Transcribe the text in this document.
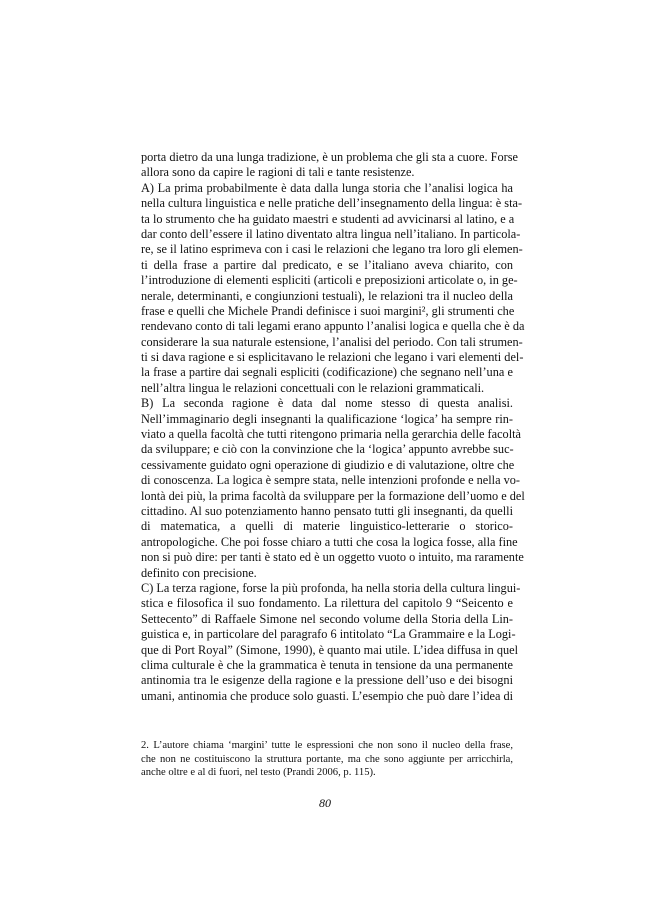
porta dietro da una lunga tradizione, è un problema che gli sta a cuore. Forse
allora sono da capire le ragioni di tali e tante resistenze.
A) La prima probabilmente è data dalla lunga storia che l’analisi logica ha
nella cultura linguistica e nelle pratiche dell’insegnamento della lingua: è sta-
ta lo strumento che ha guidato maestri e studenti ad avvicinarsi al latino, e a
dar conto dell’essere il latino diventato altra lingua nell’italiano. In particola-
re, se il latino esprimeva con i casi le relazioni che legano tra loro gli elemen-
ti della frase a partire dal predicato, e se l’italiano aveva chiarito, con
l’introduzione di elementi espliciti (articoli e preposizioni articolate o, in ge-
nerale, determinanti, e congiunzioni testuali), le relazioni tra il nucleo della
frase e quelli che Michele Prandi definisce i suoi margini², gli strumenti che
rendevano conto di tali legami erano appunto l’analisi logica e quella che è da
considerare la sua naturale estensione, l’analisi del periodo. Con tali strumen-
ti si dava ragione e si esplicitavano le relazioni che legano i vari elementi del-
la frase a partire dai segnali espliciti (codificazione) che segnano nell’una e
nell’altra lingua le relazioni concettuali con le relazioni grammaticali.
B) La seconda ragione è data dal nome stesso di questa analisi.
Nell’immaginario degli insegnanti la qualificazione ‘logica’ ha sempre rin-
viato a quella facoltà che tutti ritengono primaria nella gerarchia delle facoltà
da sviluppare; e ciò con la convinzione che la ‘logica’ appunto avrebbe suc-
cessivamente guidato ogni operazione di giudizio e di valutazione, oltre che
di conoscenza. La logica è sempre stata, nelle intenzioni profonde e nella vo-
lontà dei più, la prima facoltà da sviluppare per la formazione dell’uomo e del
cittadino. Al suo potenziamento hanno pensato tutti gli insegnanti, da quelli
di matematica, a quelli di materie linguistico-letterarie o storico-
antropologiche. Che poi fosse chiaro a tutti che cosa la logica fosse, alla fine
non si può dire: per tanti è stato ed è un oggetto vuoto o intuito, ma raramente
definito con precisione.
C) La terza ragione, forse la più profonda, ha nella storia della cultura lingui-
stica e filosofica il suo fondamento. La rilettura del capitolo 9 “Seicento e
Settecento” di Raffaele Simone nel secondo volume della Storia della Lin-
guistica e, in particolare del paragrafo 6 intitolato “La Grammaire e la Logi-
que di Port Royal” (Simone, 1990), è quanto mai utile. L’idea diffusa in quel
clima culturale è che la grammatica è tenuta in tensione da una permanente
antinomia tra le esigenze della ragione e la pressione dell’uso e dei bisogni
umani, antinomia che produce solo guasti. L’esempio che può dare l’idea di
2. L’autore chiama ‘margini’ tutte le espressioni che non sono il nucleo della frase,
che non ne costituiscono la struttura portante, ma che sono aggiunte per arricchirla,
anche oltre e al di fuori, nel testo (Prandi 2006, p. 115).
80
